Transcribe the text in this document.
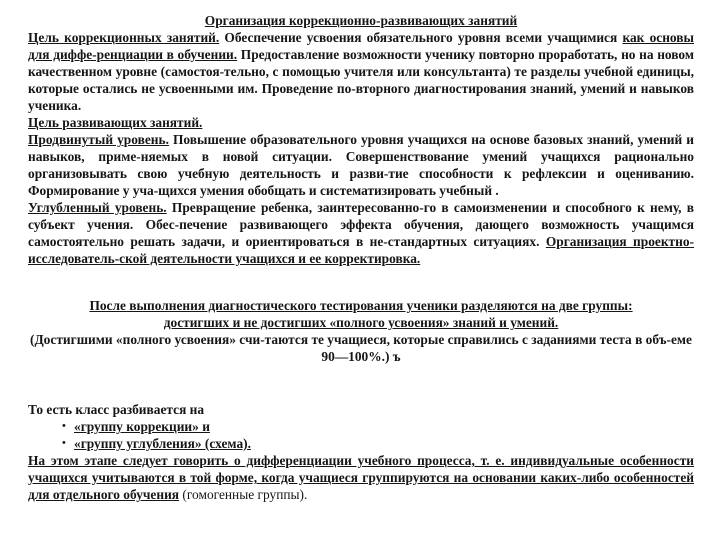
Организация коррекционно-развивающих занятий

Цель коррекционных занятий. Обеспечение усвоения обязательного уровня всеми учащимися как основы для диффе-ренциации в обучении. Предоставление возможности ученику повторно проработать, но на новом качественном уровне (самостоя-тельно, с помощью учителя или консультанта) те разделы учебной единицы, которые остались не усвоенными им. Проведение по-вторного диагностирования знаний, умений и навыков ученика.

Цель развивающих занятий.

Продвинутый уровень. Повышение образовательного уровня учащихся на основе базовых знаний, умений и навыков, приме-няемых в новой ситуации. Совершенствование умений учащихся рационально организовывать свою учебную деятельность и разви-тие способности к рефлексии и оцениванию. Формирование у уча-щихся умения обобщать и систематизировать учебный .

Углубленный уровень. Превращение ребенка, заинтересованно-го в самоизменении и способного к нему, в субъект учения. Обес-печение развивающего эффекта обучения, дающего возможность учащимся самостоятельно решать задачи, и ориентироваться в не-стандартных ситуациях. Организация проектно-исследователь-ской деятельности учащихся и ее корректировка.

После выполнения диагностического тестирования ученики разделяются на две группы:
достигших и не достигших «полного усвоения» знаний и умений.
(Достигшими «полного усвоения» счи-таются те учащиеся, которые справились с заданиями теста в объ-еме 90—100%.) ъ

То есть класс разбивается на

• «группу коррекции» и

• «группу углубления» (схема).

На этом этапе следует говорить о дифференциации учебного процесса, т. е. индивидуальные особенности учащихся учитываются в той форме, когда учащиеся группируются на основании каких-либо особенностей для отдельного обучения (гомогенные группы).
